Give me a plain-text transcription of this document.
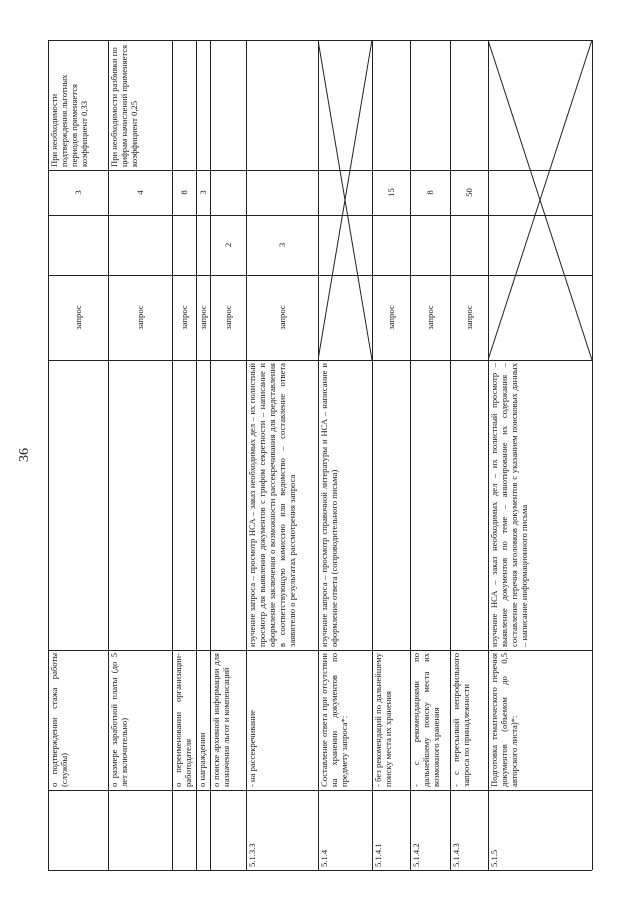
36
При необходимости подтверждения льготных периодов применяется коэффициент 0,33
3
запрос
о подтверждении стажа работы (службы)
При необходимости разбивки по цифрам начислений применяется коэффициент 0,25
4
запрос
о размере заработной платы (до 5 лет включительно)
8
запрос
о переименовании организации-работодателя
3
запрос
о награждении
2
запрос
о поиске архивной информации для назначения льгот и компенсаций
3
запрос
изучение запроса – просмотр НСА – заказ необходимых дел – их полистный просмотр для выявления документов с грифом секретности – написание и оформление заключения о возможности рассекречивания для представления в соответствующую комиссию или ведомство – составление ответа заявителю о результатах рассмотрения запроса
- на рассекречивание
5.1.3.3
изучение запроса – просмотр справочной литературы и НСА – написание и оформление ответа (сопроводительного письма)
Составление ответа при отсутствии на хранении документов по предмету запроса*:
5.1.4
15
запрос
- без рекомендаций по дальнейшему поиску места их хранения
5.1.4.1
8
запрос
- с рекомендациями по дальнейшему поиску места их возможного хранения
5.1.4.2
50
запрос
- с пересылкой непрофильного запроса по принадлежности
5.1.4.3
изучение НСА – заказ необходимых дел – их полистный просмотр – выявление документов по теме – аннотирование их содержания – составление перечня заголовков документов с указанием поисковых данных – написание информационного письма
Подготовка тематического перечня документов (объемом до 0,5 авторского листа)*:
5.1.5
